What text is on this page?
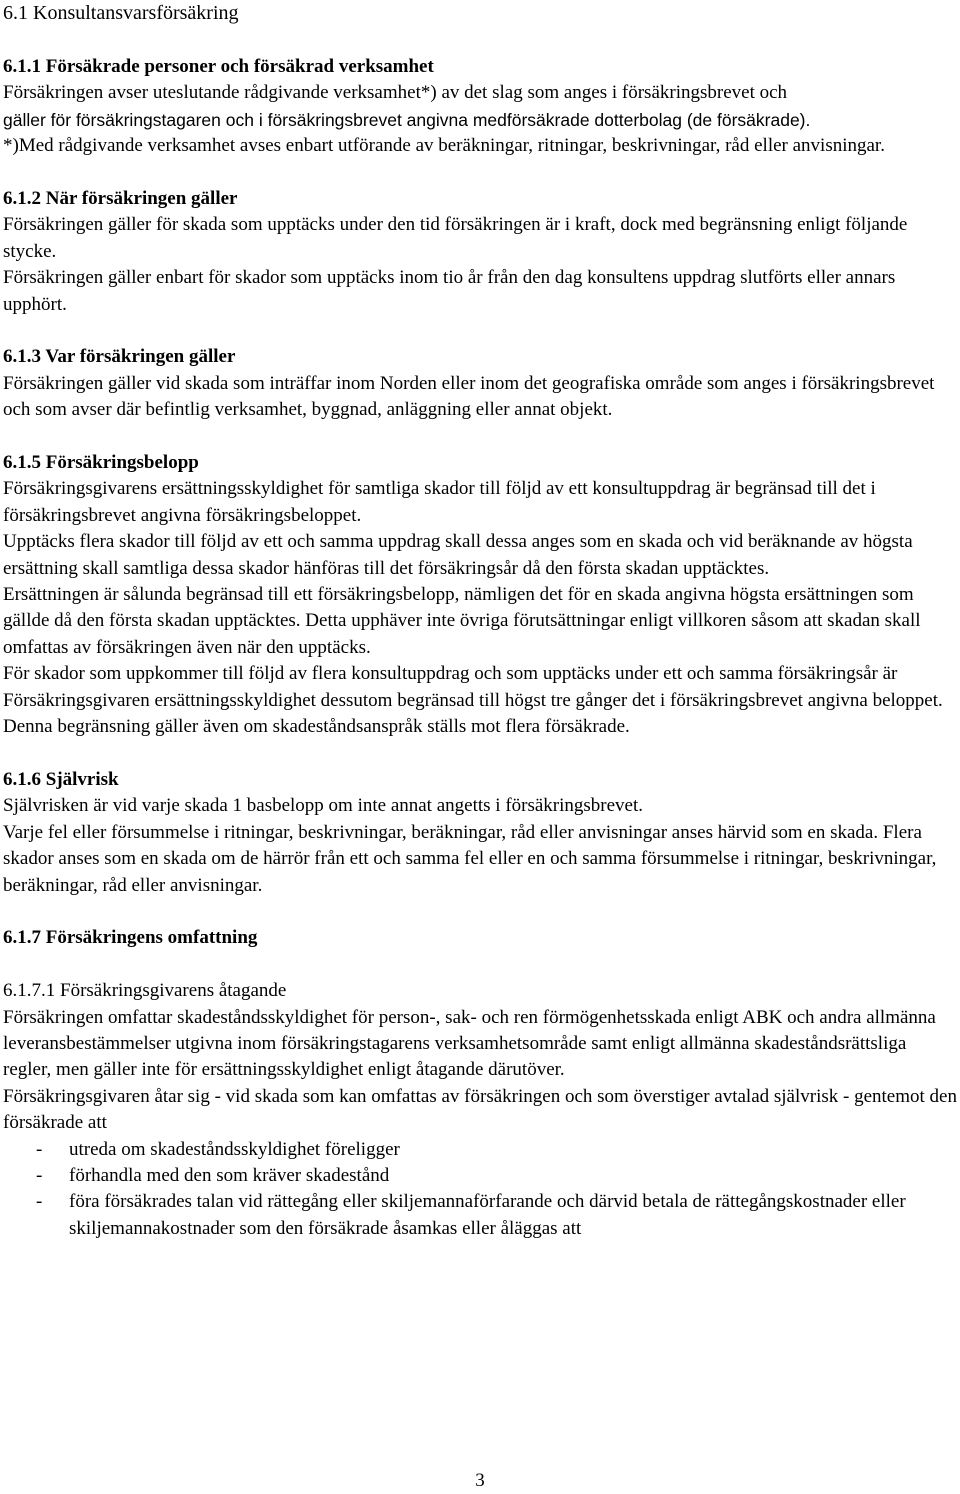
6.1 Konsultansvarsförsäkring
6.1.1 Försäkrade personer och försäkrad verksamhet

Försäkringen avser uteslutande rådgivande verksamhet*) av det slag som anges i försäkringsbrevet och

gäller för försäkringstagaren och i försäkringsbrevet angivna medförsäkrade dotterbolag (de försäkrade).

*)Med rådgivande verksamhet avses enbart utförande av beräkningar, ritningar, beskrivningar, råd eller anvisningar.

6.1.2 När försäkringen gäller

Försäkringen gäller för skada som upptäcks under den tid försäkringen är i kraft, dock med begränsning enligt följande stycke.

Försäkringen gäller enbart för skador som upptäcks inom tio år från den dag konsultens uppdrag slutförts eller annars upphört.

6.1.3 Var försäkringen gäller

Försäkringen gäller vid skada som inträffar inom Norden eller inom det geografiska område som anges i försäkringsbrevet och som avser där befintlig verksamhet, byggnad, anläggning eller annat objekt.

6.1.5 Försäkringsbelopp

Försäkringsgivarens ersättningsskyldighet för samtliga skador till följd av ett konsultuppdrag är begränsad till det i försäkringsbrevet angivna försäkringsbeloppet.

Upptäcks flera skador till följd av ett och samma uppdrag skall dessa anges som en skada och vid beräknande av högsta ersättning skall samtliga dessa skador hänföras till det försäkringsår då den första skadan upptäcktes.

Ersättningen är sålunda begränsad till ett försäkringsbelopp, nämligen det för en skada angivna högsta ersättningen som gällde då den första skadan upptäcktes. Detta upphäver inte övriga förutsättningar enligt villkoren såsom att skadan skall omfattas av försäkringen även när den upptäcks.

För skador som uppkommer till följd av flera konsultuppdrag och som upptäcks under ett och samma försäkringsår är Försäkringsgivaren ersättningsskyldighet dessutom begränsad till högst tre gånger det i försäkringsbrevet angivna beloppet.

Denna begränsning gäller även om skadeståndsanspråk ställs mot flera försäkrade.

6.1.6 Självrisk

Självrisken är vid varje skada 1 basbelopp om inte annat angetts i försäkringsbrevet.

Varje fel eller försummelse i ritningar, beskrivningar, beräkningar, råd eller anvisningar anses härvid som en skada. Flera skador anses som en skada om de härrör från ett och samma fel eller en och samma försummelse i ritningar, beskrivningar, beräkningar, råd eller anvisningar.

6.1.7 Försäkringens omfattning
6.1.7.1 Försäkringsgivarens åtagande

Försäkringen omfattar skadeståndsskyldighet för person-, sak- och ren förmögenhetsskada enligt ABK och andra allmänna leveransbestämmelser utgivna inom försäkringstagarens verksamhetsområde samt enligt allmänna skadeståndsrättsliga regler, men gäller inte för ersättningsskyldighet enligt åtagande därutöver.

Försäkringsgivaren åtar sig - vid skada som kan omfattas av försäkringen och som överstiger avtalad självrisk - gentemot den försäkrade att

-	utreda om skadeståndsskyldighet föreligger
-	förhandla med den som kräver skadestånd
-	föra försäkrades talan vid rättegång eller skiljemannaförfarande och därvid betala de rättegångskostnader eller skiljemannakostnader som den försäkrade åsamkas eller åläggas att
3
